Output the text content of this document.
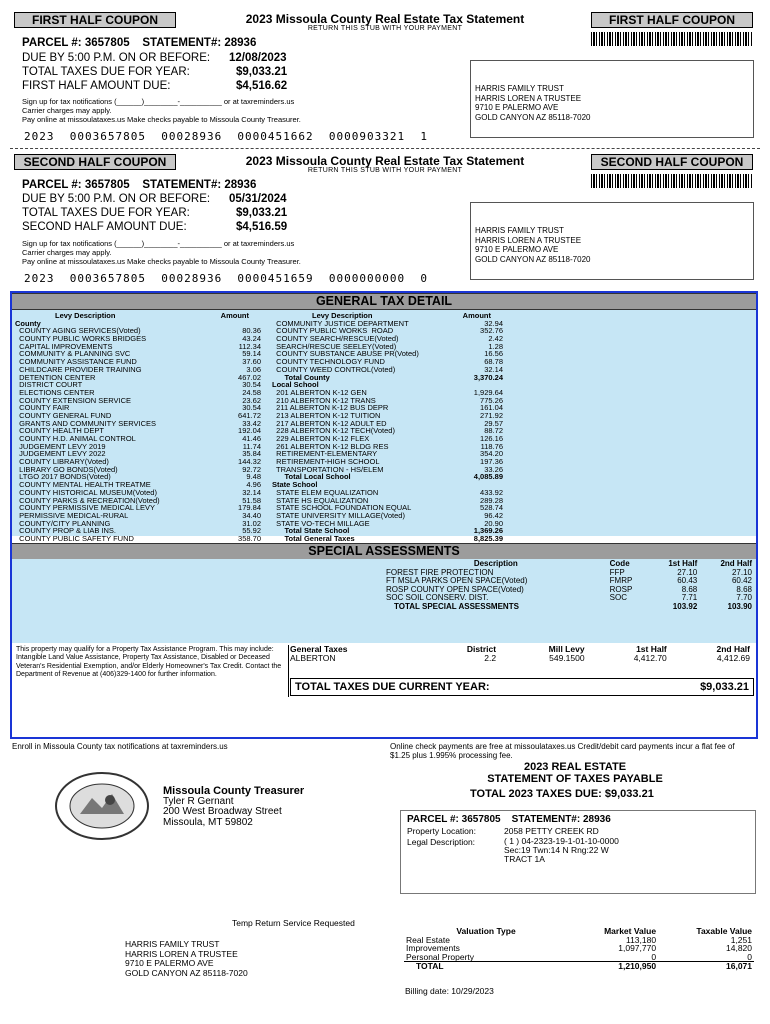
FIRST HALF COUPON	2023 Missoula County Real Estate Tax Statement
RETURN THIS STUB WITH YOUR PAYMENT
FIRST HALF COUPON
PARCEL #: 3657805    STATEMENT#: 28936
DUE BY 5:00 P.M. ON OR BEFORE: 12/08/2023
TOTAL TAXES DUE FOR YEAR:	$9,033.21
FIRST HALF AMOUNT DUE:	$4,516.62
Sign up for tax notifications (______)________-__________ or at taxreminders.us
Carrier charges may apply.
Pay online at missoulataxes.us Make checks payable to Missoula County Treasurer.
HARRIS FAMILY TRUST
HARRIS LOREN A TRUSTEE
9710 E PALERMO AVE
GOLD CANYON AZ 85118-7020
2023  0003657805  00028936  0000451662  0000903321  1
SECOND HALF COUPON	2023 Missoula County Real Estate Tax Statement
RETURN THIS STUB WITH YOUR PAYMENT
SECOND HALF COUPON
PARCEL #: 3657805    STATEMENT#: 28936
DUE BY 5:00 P.M. ON OR BEFORE: 05/31/2024
TOTAL TAXES DUE FOR YEAR:	$9,033.21
SECOND HALF AMOUNT DUE:	$4,516.59
Sign up for tax notifications (______)________-__________ or at taxreminders.us
Carrier charges may apply.
Pay online at missoulataxes.us Make checks payable to Missoula County Treasurer.
HARRIS FAMILY TRUST
HARRIS LOREN A TRUSTEE
9710 E PALERMO AVE
GOLD CANYON AZ 85118-7020
2023  0003657805  00028936  0000451659  0000000000  0
GENERAL TAX DETAIL
Levy Description	Amount
County
COUNTY AGING SERVICES(Voted)	80.36
COUNTY PUBLIC WORKS BRIDGES	43.24
CAPITAL IMPROVEMENTS	112.34
COMMUNITY & PLANNING SVC	59.14
COMMUNITY ASSISTANCE FUND	37.60
CHILDCARE PROVIDER TRAINING	3.06
DETENTION CENTER	467.02
DISTRICT COURT	30.54
ELECTIONS CENTER	24.58
COUNTY EXTENSION SERVICE	23.62
COUNTY FAIR	30.54
COUNTY GENERAL FUND	641.72
GRANTS AND COMMUNITY SERVICES	33.42
COUNTY HEALTH DEPT	192.04
COUNTY H.D. ANIMAL CONTROL	41.46
JUDGEMENT LEVY 2019	11.74
JUDGEMENT LEVY 2022	35.84
COUNTY LIBRARY(Voted)	144.32
LIBRARY GO BONDS(Voted)	92.72
LTGO 2017 BONDS(Voted)	9.48
COUNTY MENTAL HEALTH TREATME	4.96
COUNTY HISTORICAL MUSEUM(Voted)	32.14
COUNTY PARKS & RECREATION(Voted)	51.58
COUNTY PERMISSIVE MEDICAL LEVY	179.84
PERMISSIVE MEDICAL-RURAL	34.40
COUNTY/CITY PLANNING	31.02
COUNTY PROP & LIAB INS.	55.92
COUNTY PUBLIC SAFETY FUND	358.70
Levy Description	Amount
COMMUNITY JUSTICE DEPARTMENT	32.94
COUNTY PUBLIC WORKS  ROAD	352.76
COUNTY SEARCH/RESCUE(Voted)	2.42
SEARCH/RESCUE SEELEY(Voted)	1.28
COUNTY SUBSTANCE ABUSE PR(Voted)	16.56
COUNTY TECHNOLOGY FUND	68.78
COUNTY WEED CONTROL(Voted)	32.14
Total County	3,370.24
Local School
201 ALBERTON K-12 GEN	1,929.64
210 ALBERTON K-12 TRANS	775.26
211 ALBERTON K-12 BUS DEPR	161.04
213 ALBERTON K-12 TUITION	271.92
217 ALBERTON K-12 ADULT ED	29.57
228 ALBERTON K-12 TECH(Voted)	88.72
229 ALBERTON K-12 FLEX	126.16
261 ALBERTON K-12 BLDG RES	118.76
RETIREMENT-ELEMENTARY	354.20
RETIREMENT-HIGH SCHOOL	197.36
TRANSPORTATION - HS/ELEM	33.26
Total Local School	4,085.89
State School
STATE ELEM EQUALIZATION	433.92
STATE HS EQUALIZATION	289.28
STATE SCHOOL FOUNDATION EQUAL	528.74
STATE UNIVERSITY MILLAGE(Voted)	96.42
STATE VO-TECH MILLAGE	20.90
Total State School	1,369.26
Total General Taxes	8,825.39
SPECIAL ASSESSMENTS
Description	Code	1st Half	2nd Half
FOREST FIRE PROTECTION	FFP	27.10	27.10
FT MSLA PARKS OPEN SPACE(Voted)	FMRP	60.43	60.42
ROSP COUNTY OPEN SPACE(Voted)	ROSP	8.68	8.68
SOC SOIL CONSERV. DIST.	SOC	7.71	7.70
TOTAL SPECIAL ASSESSMENTS		103.92	103.90
This property may qualify for a Property Tax Assistance Program. This may include: Intangible Land Value Assistance, Property Tax Assistance, Disabled or Deceased Veteran's Residential Exemption, and/or Elderly Homeowner's Tax Credit. Contact the Department of Revenue at (406)329-1400 for further information.
General Taxes	District	Mill Levy	1st Half	2nd Half
ALBERTON	2.2	549.1500	4,412.70	4,412.69
TOTAL TAXES DUE CURRENT YEAR:	$9,033.21
Enroll in Missoula County tax notifications at taxreminders.us	Online check payments are free at missoulataxes.us Credit/debit card payments incur a flat fee of $1.25 plus 1.995% processing fee.
Missoula County Treasurer
Tyler R Gernant
200 West Broadway Street
Missoula, MT 59802
2023 REAL ESTATE
STATEMENT OF TAXES PAYABLE
TOTAL 2023 TAXES DUE: $9,033.21
PARCEL #: 3657805    STATEMENT#: 28936
Property Location:	2058 PETTY CREEK RD
Legal Description:	( 1 ) 04-2323-19-1-01-10-0000
Sec:19 Twn:14 N Rng:22 W
TRACT 1A
Temp Return Service Requested
HARRIS FAMILY TRUST
HARRIS LOREN A TRUSTEE
9710 E PALERMO AVE
GOLD CANYON AZ 85118-7020
Valuation Type	Market Value	Taxable Value
Real Estate	113,180	1,251
Improvements	1,097,770	14,820
Personal Property	0	0
TOTAL	1,210,950	16,071
Billing date: 10/29/2023
